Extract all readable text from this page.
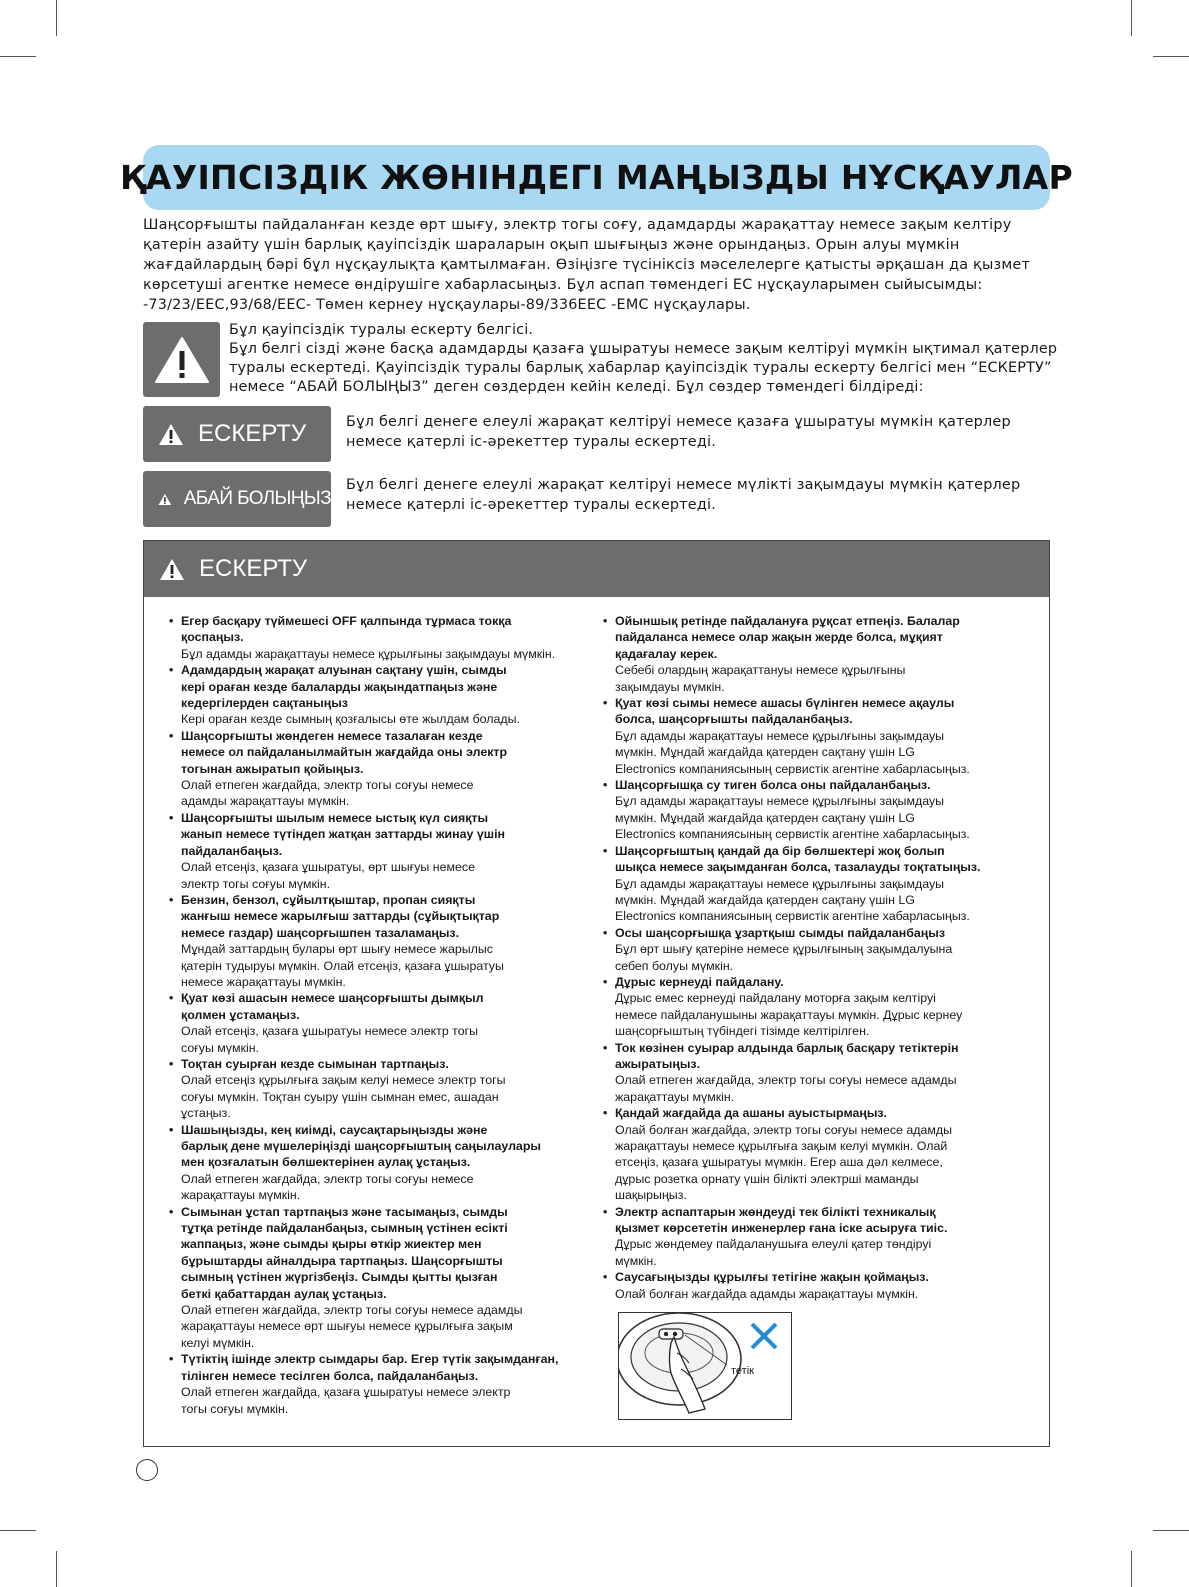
ҚАУІПСІЗДІК ЖӨНІНДЕГІ МАҢЫЗДЫ НҰСҚАУЛАР
Шаңсорғышты пайдаланған кезде өрт шығу, электр тогы соғу, адамдарды жарақаттау немесе зақым келтіру
қатерін азайту үшін барлық қауіпсіздік шараларын оқып шығыңыз және орындаңыз. Орын алуы мүмкін
жағдайлардың бәрі бұл нұсқаулықта қамтылмаған. Өзіңізге түсініксіз мәселелерге қатысты әрқашан да қызмет
көрсетуші агентке немесе өндірушіге хабарласыңыз. Бұл аспап төмендегі EC нұсқауларымен сыйысымды:
-73/23/EEC,93/68/EEC- Төмен кернеу нұсқаулары-89/336EEC -EMC нұсқаулары.
Бұл қауіпсіздік туралы ескерту белгісі.
Бұл белгі сізді және басқа адамдарды қазаға ұшыратуы немесе зақым келтіруі мүмкін ықтимал қатерлер
туралы ескертеді. Қауіпсіздік туралы барлық хабарлар қауіпсіздік туралы ескерту белгісі мен “ЕСКЕРТУ”
немесе “АБАЙ БОЛЫҢЫЗ” деген сөздерден кейін келеді. Бұл сөздер төмендегі білдіреді:
ЕСКЕРТУ	Бұл белгі денеге елеулі жарақат келтіруі немесе қазаға ұшыратуы мүмкін қатерлер
немесе қатерлі іс-әрекеттер туралы ескертеді.
АБАЙ БОЛЫҢЫЗ
Бұл белгі денеге елеулі жарақат келтіруі немесе мүлікті зақымдауы мүмкін қатерлер
немесе қатерлі іс-әрекеттер туралы ескертеді.
ЕСКЕРТУ
• Егер басқару түймешесі OFF қалпында тұрмаса токқа
қоспаңыз.
Бұл адамды жарақаттауы немесе құрылғыны зақымдауы мүмкін.
• Адамдардың жарақат алуынан сақтану үшін, сымды
кері ораған кезде балаларды жақындатпаңыз және
кедергілерден сақтаныңыз
Кері ораған кезде сымның қозғалысы өте жылдам болады.
• Шаңсорғышты жөндеген немесе тазалаған кезде
немесе ол пайдаланылмайтын жағдайда оны электр
тогынан ажыратып қойыңыз.
Олай етпеген жағдайда, электр тогы соғуы немесе
адамды жарақаттауы мүмкін.
• Шаңсорғышты шылым немесе ыстық күл сияқты
жанып немесе түтіндеп жатқан заттарды жинау үшін
пайдаланбаңыз.
Олай етсеңіз, қазаға ұшыратуы, өрт шығуы немесе
электр тогы соғуы мүмкін.
• Бензин, бензол, сұйылтқыштар, пропан сияқты
жанғыш немесе жарылғыш заттарды (сұйықтықтар
немесе газдар) шаңсорғышпен тазаламаңыз.
Мұндай заттардың булары өрт шығу немесе жарылыс
қатерін тудыруы мүмкін. Олай етсеңіз, қазаға ұшыратуы
немесе жарақаттауы мүмкін.
• Қуат көзі ашасын немесе шаңсорғышты дымқыл
қолмен ұстамаңыз.
Олай етсеңіз, қазаға ұшыратуы немесе электр тогы
соғуы мүмкін.
• Тоқтан суырған кезде сымынан тартпаңыз.
Олай етсеңіз құрылғыға зақым келуі немесе электр тогы
соғуы мүмкін. Тоқтан суыру үшін сымнан емес, ашадан
ұстаңыз.
• Шашыңызды, кең киімді, саусақтарыңызды және
барлық дене мүшелеріңізді шаңсорғыштың саңылаулары
мен қозғалатын бөлшектерінен аулақ ұстаңыз.
Олай етпеген жағдайда, электр тогы соғуы немесе
жарақаттауы мүмкін.
• Сымынан ұстап тартпаңыз және тасымаңыз, сымды
тұтқа ретінде пайдаланбаңыз, сымның үстінен есікті
жаппаңыз, және сымды қыры өткір жиектер мен
бұрыштарды айналдыра тартпаңыз. Шаңсорғышты
сымның үстінен жүргізбеңіз. Сымды қытты қызған
беткі қабаттардан аулақ ұстаңыз.
Олай етпеген жағдайда, электр тогы соғуы немесе адамды
жарақаттауы немесе өрт шығуы немесе құрылғыға зақым
келуі мүмкін.
• Түтіктің ішінде электр сымдары бар. Егер түтік зақымданған,
тілінген немесе тесілген болса, пайдаланбаңыз.
Олай етпеген жағдайда, қазаға ұшыратуы немесе электр
тогы соғуы мүмкін.
• Ойыншық ретінде пайдалануға рұқсат етпеңіз. Балалар
пайдаланса немесе олар жақын жерде болса, мұқият
қадағалау керек.
Себебі олардың жарақаттануы немесе құрылғыны
зақымдауы мүмкін.
• Қуат көзі сымы немесе ашасы бүлінген немесе ақаулы
болса, шаңсорғышты пайдаланбаңыз.
Бұл адамды жарақаттауы немесе құрылғыны зақымдауы
мүмкін. Мұндай жағдайда қатерден сақтану үшін LG
Electronics компаниясының сервистік агентіне хабарласыңыз.
• Шаңсорғышқа су тиген болса оны пайдаланбаңыз.
Бұл адамды жарақаттауы немесе құрылғыны зақымдауы
мүмкін. Мұндай жағдайда қатерден сақтану үшін LG
Electronics компаниясының сервистік агентіне хабарласыңыз.
• Шаңсорғыштың қандай да бір бөлшектері жоқ болып
шықса немесе зақымданған болса, тазалауды тоқтатыңыз.
Бұл адамды жарақаттауы немесе құрылғыны зақымдауы
мүмкін. Мұндай жағдайда қатерден сақтану үшін LG
Electronics компаниясының сервистік агентіне хабарласыңыз.
• Осы шаңсорғышқа ұзартқыш сымды пайдаланбаңыз
Бұл өрт шығу қатеріне немесе құрылғының зақымдалуына
себеп болуы мүмкін.
• Дұрыс кернеуді пайдалану.
Дұрыс емес кернеуді пайдалану моторға зақым келтіруі
немесе пайдаланушыны жарақаттауы мүмкін. Дұрыс кернеу
шаңсорғыштың түбіндегі тізімде келтірілген.
• Ток көзінен суырар алдында барлық басқару тетіктерін
ажыратыңыз.
Олай етпеген жағдайда, электр тогы соғуы немесе адамды
жарақаттауы мүмкін.
• Қандай жағдайда да ашаны ауыстырмаңыз.
Олай болған жағдайда, электр тогы соғуы немесе адамды
жарақаттауы немесе құрылғыға зақым келуі мүмкін. Олай
етсеңіз, қазаға ұшыратуы мүмкін. Егер аша дәл келмесе,
дұрыс розетка орнату үшін білікті электрші маманды
шақырыңыз.
• Электр аспаптарын жөндеуді тек білікті техникалық
қызмет көрсететін инженерлер ғана іске асыруға тиіс.
Дұрыс жөндемеу пайдаланушыға елеулі қатер төндіруі
мүмкін.
• Саусағыңызды құрылғы тетігіне жақын қоймаңыз.
Олай болған жағдайда адамды жарақаттауы мүмкін.
тетік
